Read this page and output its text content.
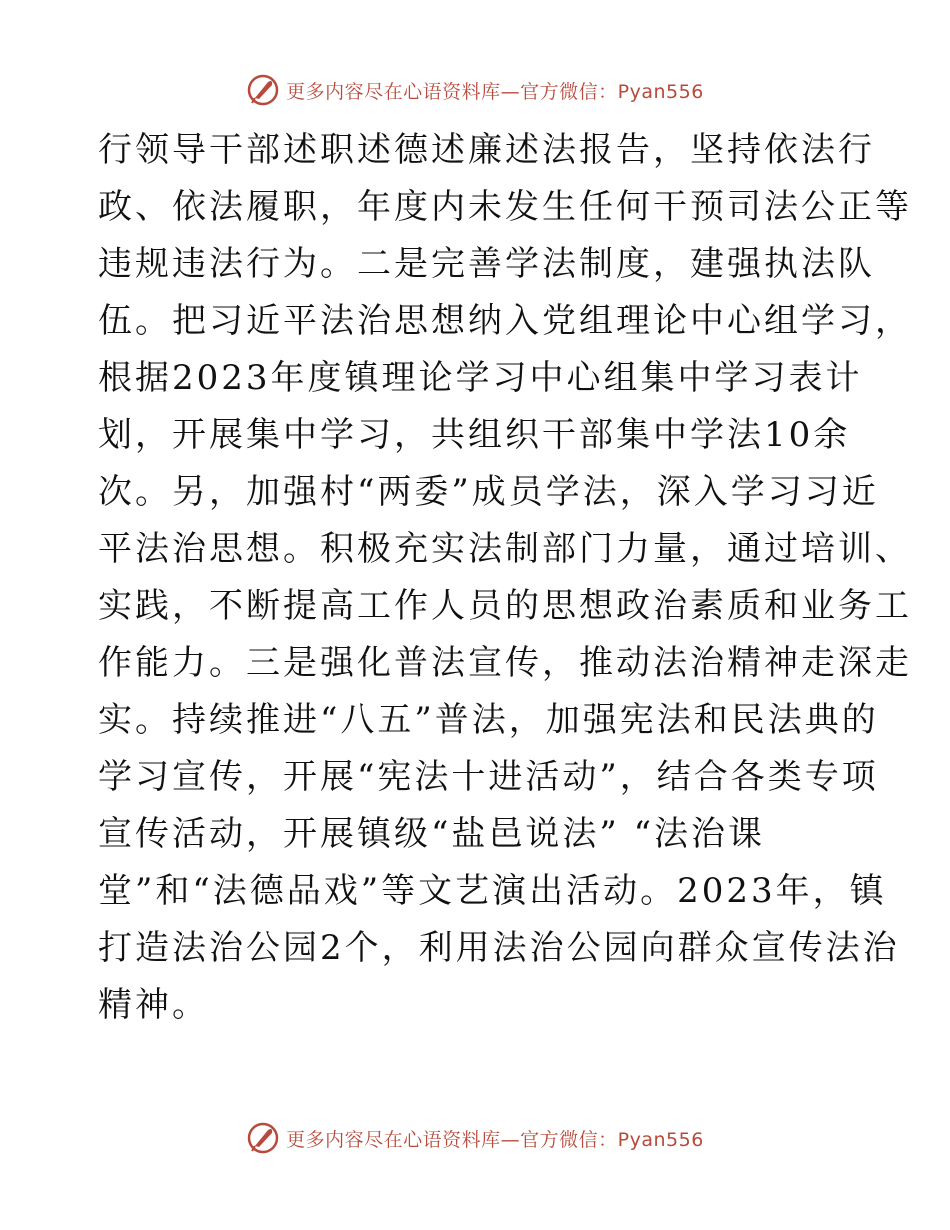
更多内容尽在心语资料库—官方微信：Pyan556
行领导干部述职述德述廉述法报告，坚持依法行
政、依法履职，年度内未发生任何干预司法公正等
违规违法行为。二是完善学法制度，建强执法队
伍。把习近平法治思想纳入党组理论中心组学习，
根据2023年度镇理论学习中心组集中学习表计
划，开展集中学习，共组织干部集中学法10余
次。另，加强村“两委”成员学法，深入学习习近
平法治思想。积极充实法制部门力量，通过培训、
实践，不断提高工作人员的思想政治素质和业务工
作能力。三是强化普法宣传，推动法治精神走深走
实。持续推进“八五”普法，加强宪法和民法典的
学习宣传，开展“宪法十进活动”，结合各类专项
宣传活动，开展镇级“盐邑说法” “法治课
堂”和“法德品戏”等文艺演出活动。2023年，镇
打造法治公园2个，利用法治公园向群众宣传法治
精神。
更多内容尽在心语资料库—官方微信：Pyan556
